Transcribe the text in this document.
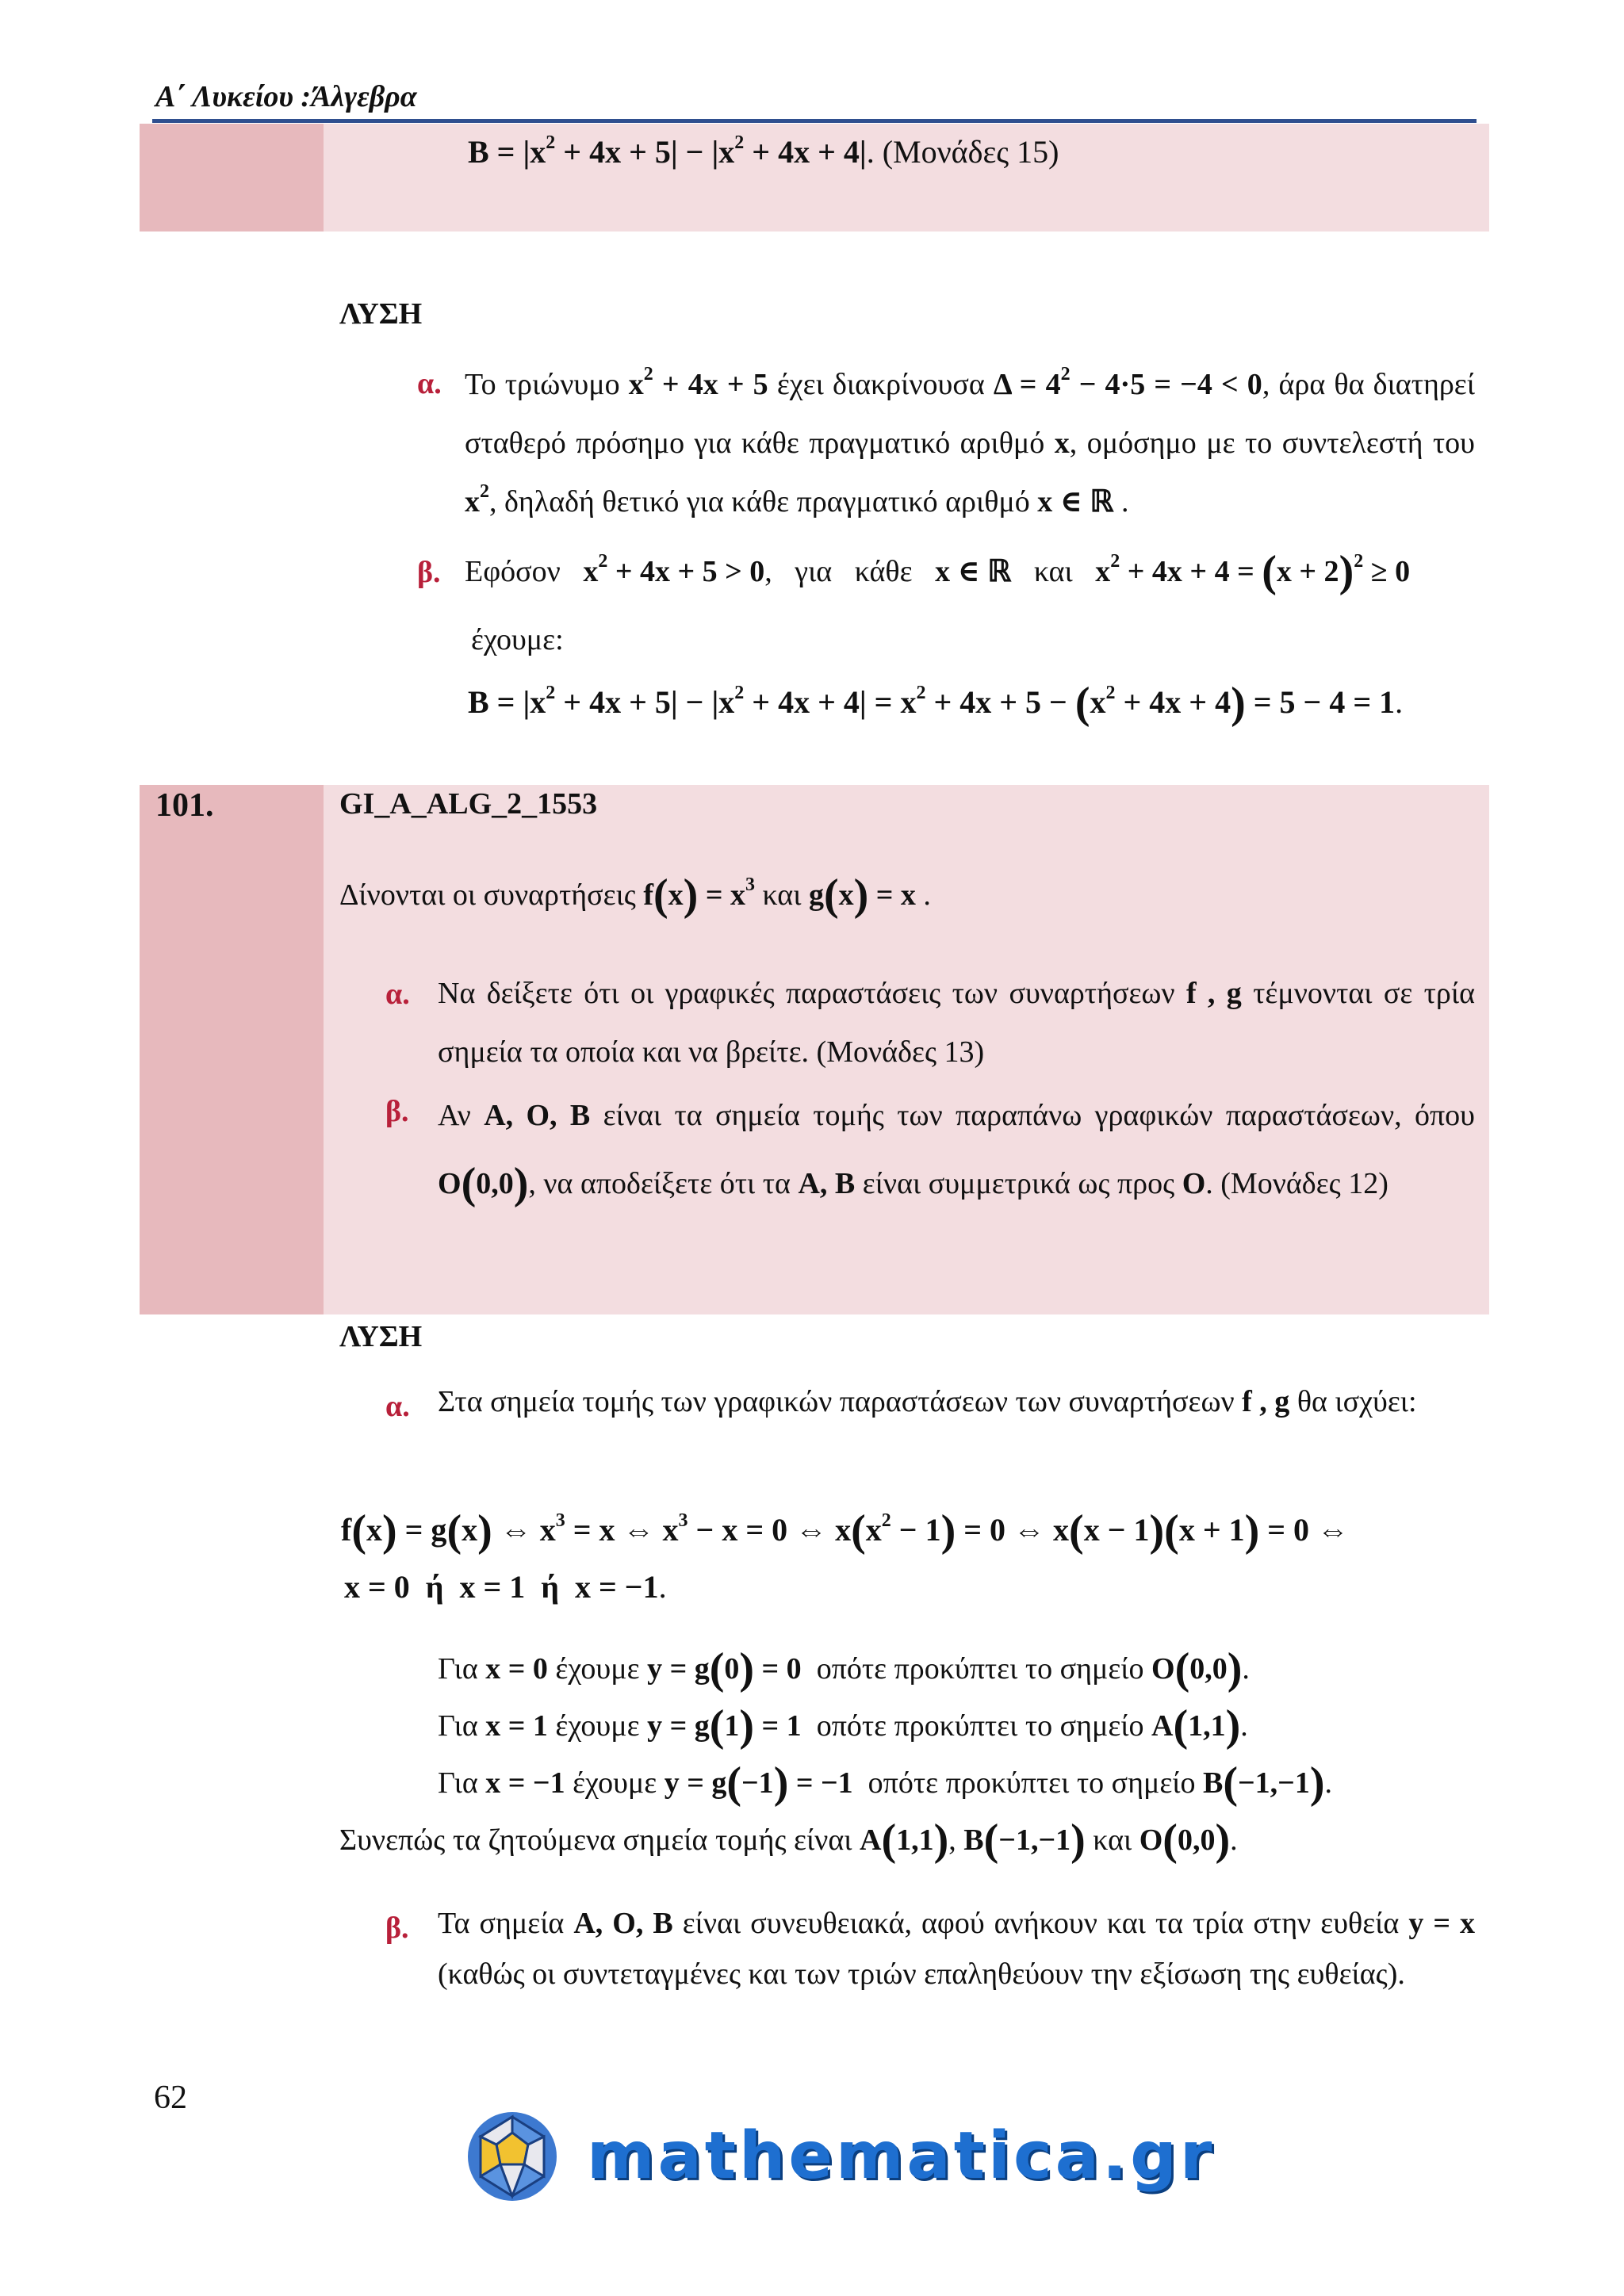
Α΄ Λυκείου :Άλγεβρα
$B = |x^2 + 4x + 5| - |x^2 + 4x + 4|$. (Μονάδες 15)
ΛΥΣΗ
α. Το τριώνυμο $x^2 + 4x + 5$ έχει διακρίνουσα $\Delta = 4^2 - 4\cdot 5 = -4 < 0$, άρα θα διατηρεί σταθερό πρόσημο για κάθε πραγματικό αριθμό x, ομόσημο με το συντελεστή του $x^2$, δηλαδή θετικό για κάθε πραγματικό αριθμό x ∈ ℝ .
β. Εφόσον   $x^2 + 4x + 5 > 0$,   για   κάθε   x ∈ ℝ   και   $x^2 + 4x + 4 = (x + 2)^2 \ge 0$
έχουμε:
$B = |x^2 + 4x + 5| - |x^2 + 4x + 4| = x^2 + 4x + 5 - (x^2 + 4x + 4) = 5 - 4 = 1$.
101.	GI_A_ALG_2_1553
Δίνονται οι συναρτήσεις $f(x) = x^3$ και g(x) = x .
α. Να δείξετε ότι οι γραφικές παραστάσεις των συναρτήσεων f , g τέμνονται σε τρία σημεία τα οποία και να βρείτε. (Μονάδες 13)
β. Αν A, O, B είναι τα σημεία τομής των παραπάνω γραφικών παραστάσεων, όπου O(0,0), να αποδείξετε ότι τα A, B είναι συμμετρικά ως προς O. (Μονάδες 12)
ΛΥΣΗ
α. Στα σημεία τομής των γραφικών παραστάσεων των συναρτήσεων f , g θα ισχύει:
f(x) = g(x) ⇔ $x^3 = x$ ⇔ $x^3 - x = 0$ ⇔ $x(x^2 - 1) = 0$ ⇔ x(x − 1)(x + 1) = 0 ⇔
x = 0  ή  x = 1  ή  x = −1.
Για x = 0 έχουμε y = g(0) = 0  οπότε προκύπτει το σημείο O(0,0).
Για x = 1 έχουμε y = g(1) = 1  οπότε προκύπτει το σημείο A(1,1).
Για x = −1 έχουμε y = g(−1) = −1  οπότε προκύπτει το σημείο B(−1,−1).
Συνεπώς τα ζητούμενα σημεία τομής είναι A(1,1), B(−1,−1) και O(0,0).
β. Τα σημεία A, O, B είναι συνευθειακά, αφού ανήκουν και τα τρία στην ευθεία y = x (καθώς οι συντεταγμένες και των τριών επαληθεύουν την εξίσωση της ευθείας).
62
mathematica.gr
